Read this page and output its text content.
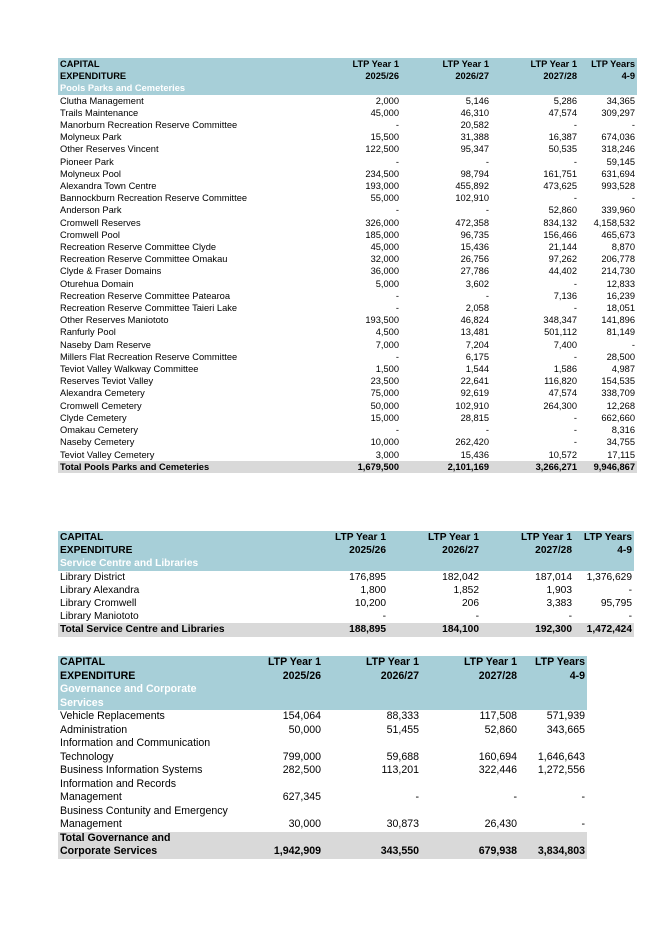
CAPITAL	LTP Year 1	LTP Year 1	LTP Year 1	LTP Years
EXPENDITURE	2025/26	2026/27	2027/28	4-9
Pools Parks and Cemeteries				
Clutha Management	2,000	5,146	5,286	34,365
Trails Maintenance	45,000	46,310	47,574	309,297
Manorburn Recreation Reserve Committee	-	20,582	-	-
Molyneux Park	15,500	31,388	16,387	674,036
Other Reserves Vincent	122,500	95,347	50,535	318,246
Pioneer Park	-	-	-	59,145
Molyneux Pool	234,500	98,794	161,751	631,694
Alexandra Town Centre	193,000	455,892	473,625	993,528
Bannockburn Recreation Reserve Committee	55,000	102,910	-	-
Anderson Park	-	-	52,860	339,960
Cromwell Reserves	326,000	472,358	834,132	4,158,532
Cromwell Pool	185,000	96,735	156,466	465,673
Recreation Reserve Committee Clyde	45,000	15,436	21,144	8,870
Recreation Reserve Committee Omakau	32,000	26,756	97,262	206,778
Clyde & Fraser Domains	36,000	27,786	44,402	214,730
Oturehua Domain	5,000	3,602	-	12,833
Recreation Reserve Committee Patearoa	-	-	7,136	16,239
Recreation Reserve Committee Taieri Lake	-	2,058	-	18,051
Other Reserves Maniototo	193,500	46,824	348,347	141,896
Ranfurly Pool	4,500	13,481	501,112	81,149
Naseby Dam Reserve	7,000	7,204	7,400	-
Millers Flat Recreation Reserve Committee	-	6,175	-	28,500
Teviot Valley Walkway Committee	1,500	1,544	1,586	4,987
Reserves Teviot Valley	23,500	22,641	116,820	154,535
Alexandra Cemetery	75,000	92,619	47,574	338,709
Cromwell Cemetery	50,000	102,910	264,300	12,268
Clyde Cemetery	15,000	28,815	-	662,660
Omakau Cemetery	-	-	-	8,316
Naseby Cemetery	10,000	262,420	-	34,755
Teviot Valley Cemetery	3,000	15,436	10,572	17,115
Total Pools Parks and Cemeteries	1,679,500	2,101,169	3,266,271	9,946,867
CAPITAL	LTP Year 1	LTP Year 1	LTP Year 1	LTP Years
EXPENDITURE	2025/26	2026/27	2027/28	4-9
Service Centre and Libraries				
Library District	176,895	182,042	187,014	1,376,629
Library Alexandra	1,800	1,852	1,903	-
Library Cromwell	10,200	206	3,383	95,795
Library Maniototo	-	-	-	-
Total Service Centre and Libraries	188,895	184,100	192,300	1,472,424
CAPITAL	LTP Year 1	LTP Year 1	LTP Year 1	LTP Years
EXPENDITURE	2025/26	2026/27	2027/28	4-9
Governance and Corporate				
Services				
Vehicle Replacements	154,064	88,333	117,508	571,939
Administration	50,000	51,455	52,860	343,665
Information and Communication				
Technology	799,000	59,688	160,694	1,646,643
Business Information Systems	282,500	113,201	322,446	1,272,556
Information and Records				
Management	627,345	-	-	-
Business Contunity and Emergency				
Management	30,000	30,873	26,430	-
Total Governance and				
Corporate Services	1,942,909	343,550	679,938	3,834,803
